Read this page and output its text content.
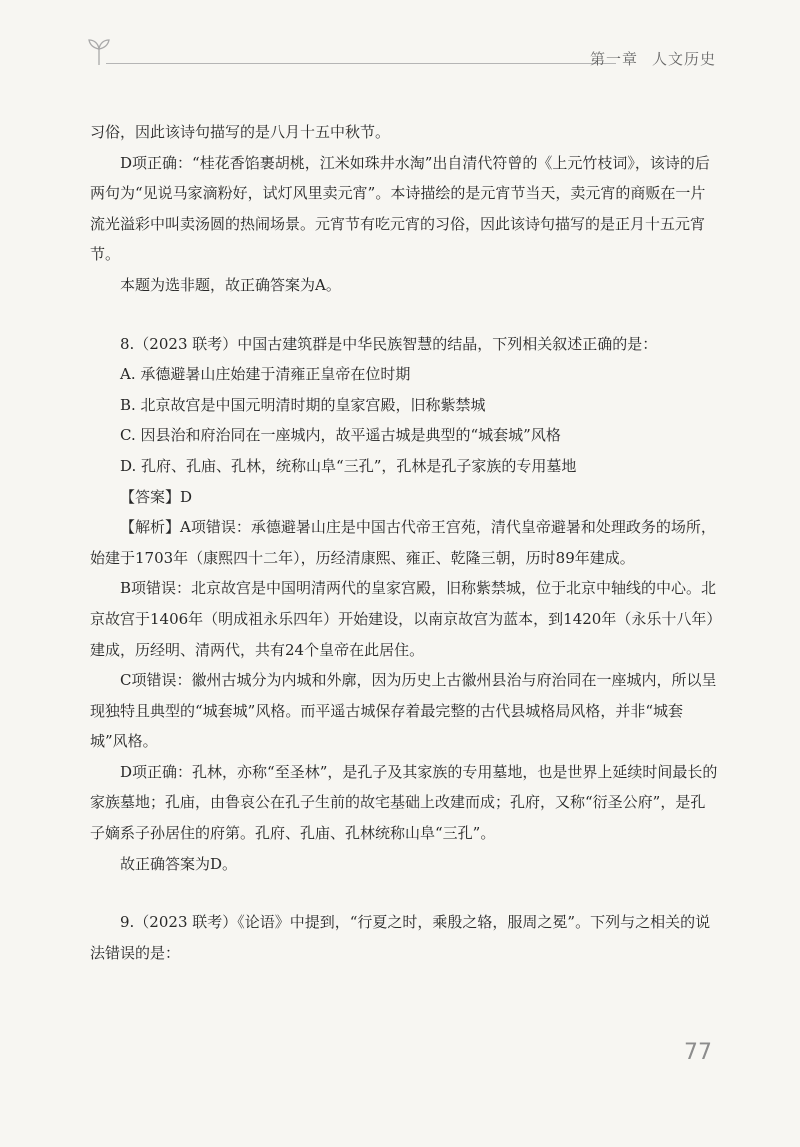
第一章 人文历史

习俗，因此该诗句描写的是八月十五中秋节。

D项正确：“桂花香馅裹胡桃，江米如珠井水淘”出自清代符曾的《上元竹枝词》，该诗的后两句为“见说马家滴粉好，试灯风里卖元宵”。本诗描绘的是元宵节当天，卖元宵的商贩在一片流光溢彩中叫卖汤圆的热闹场景。元宵节有吃元宵的习俗，因此该诗句描写的是正月十五元宵节。

本题为选非题，故正确答案为A。

8.（2023 联考）中国古建筑群是中华民族智慧的结晶，下列相关叙述正确的是：

A. 承德避暑山庄始建于清雍正皇帝在位时期

B. 北京故宫是中国元明清时期的皇家宫殿，旧称紫禁城

C. 因县治和府治同在一座城内，故平遥古城是典型的“城套城”风格

D. 孔府、孔庙、孔林，统称山阜“三孔”，孔林是孔子家族的专用墓地

【答案】D

【解析】A项错误：承德避暑山庄是中国古代帝王宫苑，清代皇帝避暑和处理政务的场所，始建于1703年（康熙四十二年），历经清康熙、雍正、乾隆三朝，历时89年建成。

B项错误：北京故宫是中国明清两代的皇家宫殿，旧称紫禁城，位于北京中轴线的中心。北京故宫于1406年（明成祖永乐四年）开始建设，以南京故宫为蓝本，到1420年（永乐十八年）建成，历经明、清两代，共有24个皇帝在此居住。

C项错误：徽州古城分为内城和外廓，因为历史上古徽州县治与府治同在一座城内，所以呈现独特且典型的“城套城”风格。而平遥古城保存着最完整的古代县城格局风格，并非“城套城”风格。

D项正确：孔林，亦称“至圣林”，是孔子及其家族的专用墓地，也是世界上延续时间最长的家族墓地；孔庙，由鲁哀公在孔子生前的故宅基础上改建而成；孔府，又称“衍圣公府”，是孔子嫡系子孙居住的府第。孔府、孔庙、孔林统称山阜“三孔”。

故正确答案为D。

9.（2023 联考）《论语》中提到，“行夏之时，乘殷之辂，服周之冕”。下列与之相关的说法错误的是：

77
